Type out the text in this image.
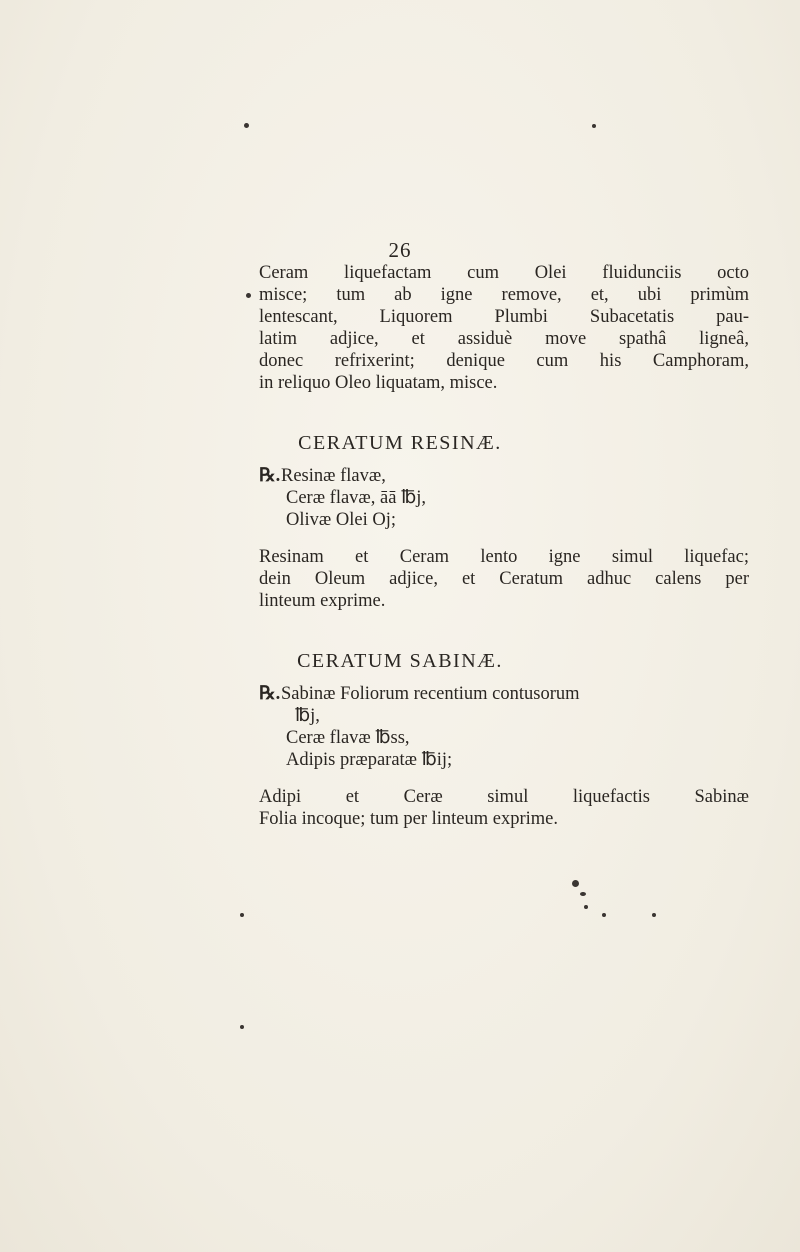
26

Ceram liquefactam cum Olei fluidunciis octo
misce; tum ab igne remove, et, ubi primùm
lentescant, Liquorem Plumbi Subacetatis pau-
latim adjice, et assiduè move spathâ ligneâ,
donec refrixerint; denique cum his Camphoram,
in reliquo Oleo liquatam, misce.

CERATUM RESINÆ.
℞.Resinæ flavæ,
Ceræ flavæ, āā ℔j,
Olivæ Olei Oj;

Resinam et Ceram lento igne simul liquefac;
dein Oleum adjice, et Ceratum adhuc calens per
linteum exprime.

CERATUM SABINÆ.
℞.Sabinæ Foliorum recentium contusorum
℔j,
Ceræ flavæ ℔ss,
Adipis præparatæ ℔ij;

Adipi et Ceræ simul liquefactis Sabinæ
Folia incoque; tum per linteum exprime.
